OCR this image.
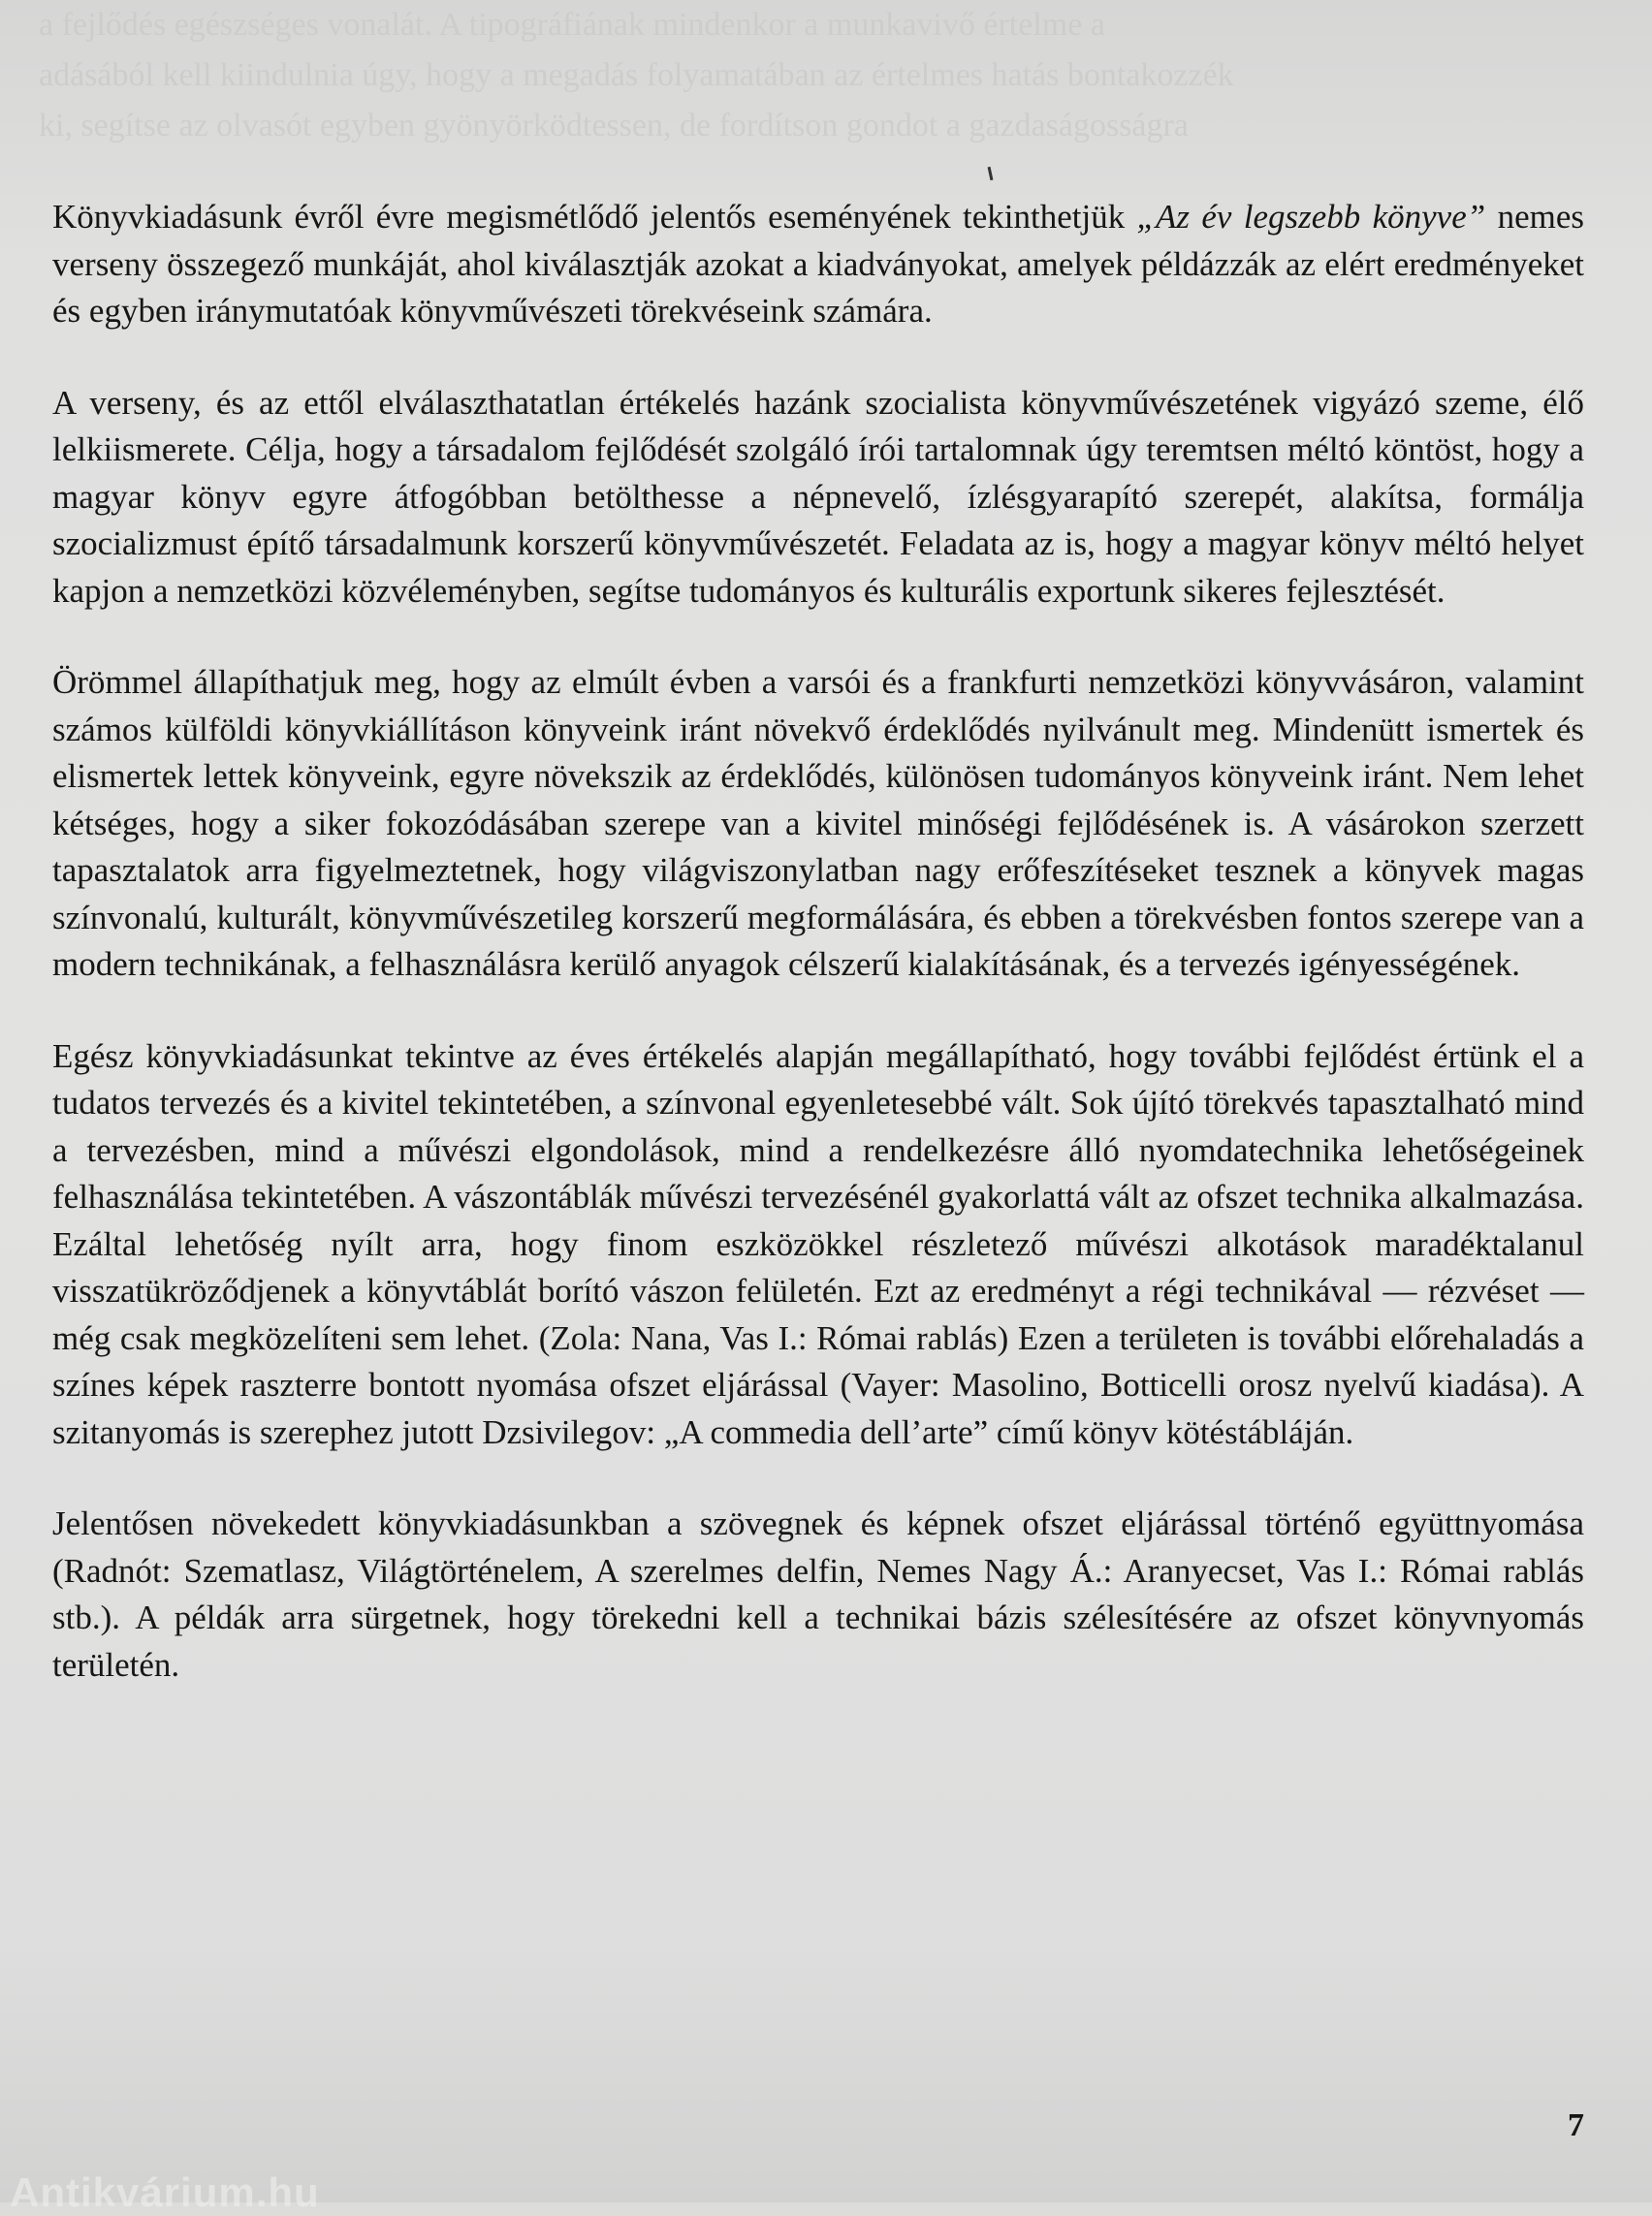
a fejlődés egészséges vonalát. A tipográfiának mindenkor a munkavivő értelme a
adásából kell kiindulnia úgy, hogy a megadás folyamatában az értelmes hatás bontakozzék
ki, segítse az olvasót egyben gyönyörködtessen, de fordítson gondot a gazdaságosságra

Könyvkiadásunk évről évre megismétlődő jelentős eseményének tekinthetjük „Az év legszebb könyve” nemes verseny összegező munkáját, ahol kiválasztják azokat a kiadványokat, amelyek példázzák az elért eredményeket és egyben iránymutatóak könyvművészeti törekvéseink számára.

A verseny, és az ettől elválaszthatatlan értékelés hazánk szocialista könyvművészetének vigyázó szeme, élő lelkiismerete. Célja, hogy a társadalom fejlődését szolgáló írói tartalomnak úgy teremtsen méltó köntöst, hogy a magyar könyv egyre átfogóbban betölthesse a népnevelő, ízlésgyarapító szerepét, alakítsa, formálja szocializmust építő társadalmunk korszerű könyvművészetét. Feladata az is, hogy a magyar könyv méltó helyet kapjon a nemzetközi közvéleményben, segítse tudományos és kulturális exportunk sikeres fejlesztését.

Örömmel állapíthatjuk meg, hogy az elmúlt évben a varsói és a frankfurti nemzetközi könyvvásáron, valamint számos külföldi könyvkiállításon könyveink iránt növekvő érdeklődés nyilvánult meg. Mindenütt ismertek és elismertek lettek könyveink, egyre növekszik az érdeklődés, különösen tudományos könyveink iránt. Nem lehet kétséges, hogy a siker fokozódásában szerepe van a kivitel minőségi fejlődésének is. A vásárokon szerzett tapasztalatok arra figyelmeztetnek, hogy világviszonylatban nagy erőfeszítéseket tesznek a könyvek magas színvonalú, kulturált, könyvművészetileg korszerű megformálására, és ebben a törekvésben fontos szerepe van a modern technikának, a felhasználásra kerülő anyagok célszerű kialakításának, és a tervezés igényességének.

Egész könyvkiadásunkat tekintve az éves értékelés alapján megállapítható, hogy további fejlődést értünk el a tudatos tervezés és a kivitel tekintetében, a színvonal egyenletesebbé vált. Sok újító törekvés tapasztalható mind a tervezésben, mind a művészi elgondolások, mind a rendelkezésre álló nyomdatechnika lehetőségeinek felhasználása tekintetében. A vászontáblák művészi tervezésénél gyakorlattá vált az ofszet technika alkalmazása. Ezáltal lehetőség nyílt arra, hogy finom eszközökkel részletező művészi alkotások maradéktalanul visszatükröződjenek a könyvtáblát borító vászon felületén. Ezt az eredményt a régi technikával — rézvéset — még csak megközelíteni sem lehet. (Zola: Nana, Vas I.: Római rablás) Ezen a területen is további előrehaladás a színes képek raszterre bontott nyomása ofszet eljárással (Vayer: Masolino, Botticelli orosz nyelvű kiadása). A szitanyomás is szerephez jutott Dzsivilegov: „A commedia dell’arte” című könyv kötéstábláján.

Jelentősen növekedett könyvkiadásunkban a szövegnek és képnek ofszet eljárással történő együttnyomása (Radnót: Szematlasz, Világtörténelem, A szerelmes delfin, Nemes Nagy Á.: Aranyecset, Vas I.: Római rablás stb.). A példák arra sürgetnek, hogy törekedni kell a technikai bázis szélesítésére az ofszet könyvnyomás területén.

7
Antikvárium.hu
